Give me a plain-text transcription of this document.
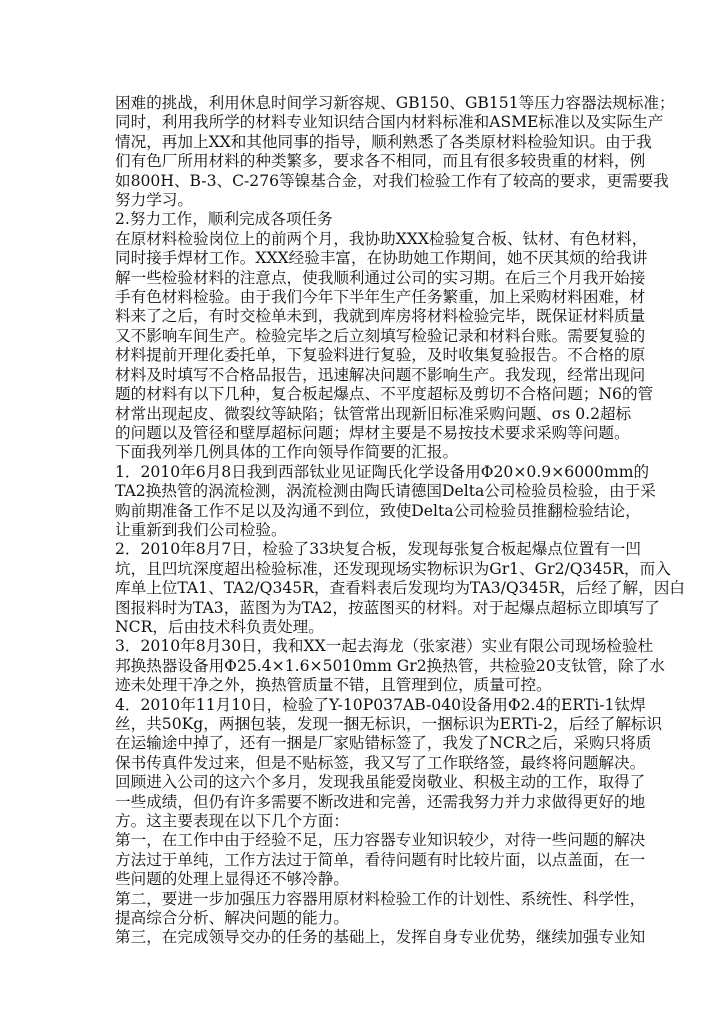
困难的挑战，利用休息时间学习新容规、GB150、GB151等压力容器法规标准；
同时，利用我所学的材料专业知识结合国内材料标准和ASME标准以及实际生产
情况，再加上XX和其他同事的指导，顺利熟悉了各类原材料检验知识。由于我
们有色厂所用材料的种类繁多，要求各不相同，而且有很多较贵重的材料，例
如800H、B-3、C-276等镍基合金，对我们检验工作有了较高的要求，更需要我
努力学习。
2.努力工作，顺利完成各项任务
在原材料检验岗位上的前两个月，我协助XXX检验复合板、钛材、有色材料，
同时接手焊材工作。XXX经验丰富，在协助她工作期间，她不厌其烦的给我讲
解一些检验材料的注意点，使我顺利通过公司的实习期。在后三个月我开始接
手有色材料检验。由于我们今年下半年生产任务繁重，加上采购材料困难，材
料来了之后，有时交检单未到，我就到库房将材料检验完毕，既保证材料质量
又不影响车间生产。检验完毕之后立刻填写检验记录和材料台账。需要复验的
材料提前开理化委托单，下复验料进行复验，及时收集复验报告。不合格的原
材料及时填写不合格品报告，迅速解决问题不影响生产。我发现，经常出现问
题的材料有以下几种，复合板起爆点、不平度超标及剪切不合格问题；N6的管
材常出现起皮、微裂纹等缺陷；钛管常出现新旧标准采购问题、σs 0.2超标
的问题以及管径和壁厚超标问题；焊材主要是不易按技术要求采购等问题。
下面我列举几例具体的工作向领导作简要的汇报。
1．2010年6月8日我到西部钛业见证陶氏化学设备用Φ20×0.9×6000mm的
TA2换热管的涡流检测，涡流检测由陶氏请德国Delta公司检验员检验，由于采
购前期准备工作不足以及沟通不到位，致使Delta公司检验员推翻检验结论，
让重新到我们公司检验。
2．2010年8月7日，检验了33块复合板，发现每张复合板起爆点位置有一凹
坑，且凹坑深度超出检验标准，还发现现场实物标识为Gr1、Gr2/Q345R，而入
库单上位TA1、TA2/Q345R，查看料表后发现均为TA3/Q345R，后经了解，因白
图报料时为TA3，蓝图为为TA2，按蓝图买的材料。对于起爆点超标立即填写了
NCR，后由技术科负责处理。
3．2010年8月30日，我和XX一起去海龙（张家港）实业有限公司现场检验杜
邦换热器设备用Φ25.4×1.6×5010mm Gr2换热管，共检验20支钛管，除了水
迹未处理干净之外，换热管质量不错，且管理到位，质量可控。
4．2010年11月10日，检验了Y-10P037AB-040设备用Φ2.4的ERTi-1钛焊
丝，共50Kg，两捆包装，发现一捆无标识，一捆标识为ERTi-2，后经了解标识
在运输途中掉了，还有一捆是厂家贴错标签了，我发了NCR之后，采购只将质
保书传真件发过来，但是不贴标签，我又写了工作联络签，最终将问题解决。
回顾进入公司的这六个多月，发现我虽能爱岗敬业、积极主动的工作，取得了
一些成绩，但仍有许多需要不断改进和完善，还需我努力并力求做得更好的地
方。这主要表现在以下几个方面：
第一，在工作中由于经验不足，压力容器专业知识较少，对待一些问题的解决
方法过于单纯，工作方法过于简单，看待问题有时比较片面，以点盖面，在一
些问题的处理上显得还不够冷静。
第二，要进一步加强压力容器用原材料检验工作的计划性、系统性、科学性，
提高综合分析、解决问题的能力。
第三，在完成领导交办的任务的基础上，发挥自身专业优势，继续加强专业知
